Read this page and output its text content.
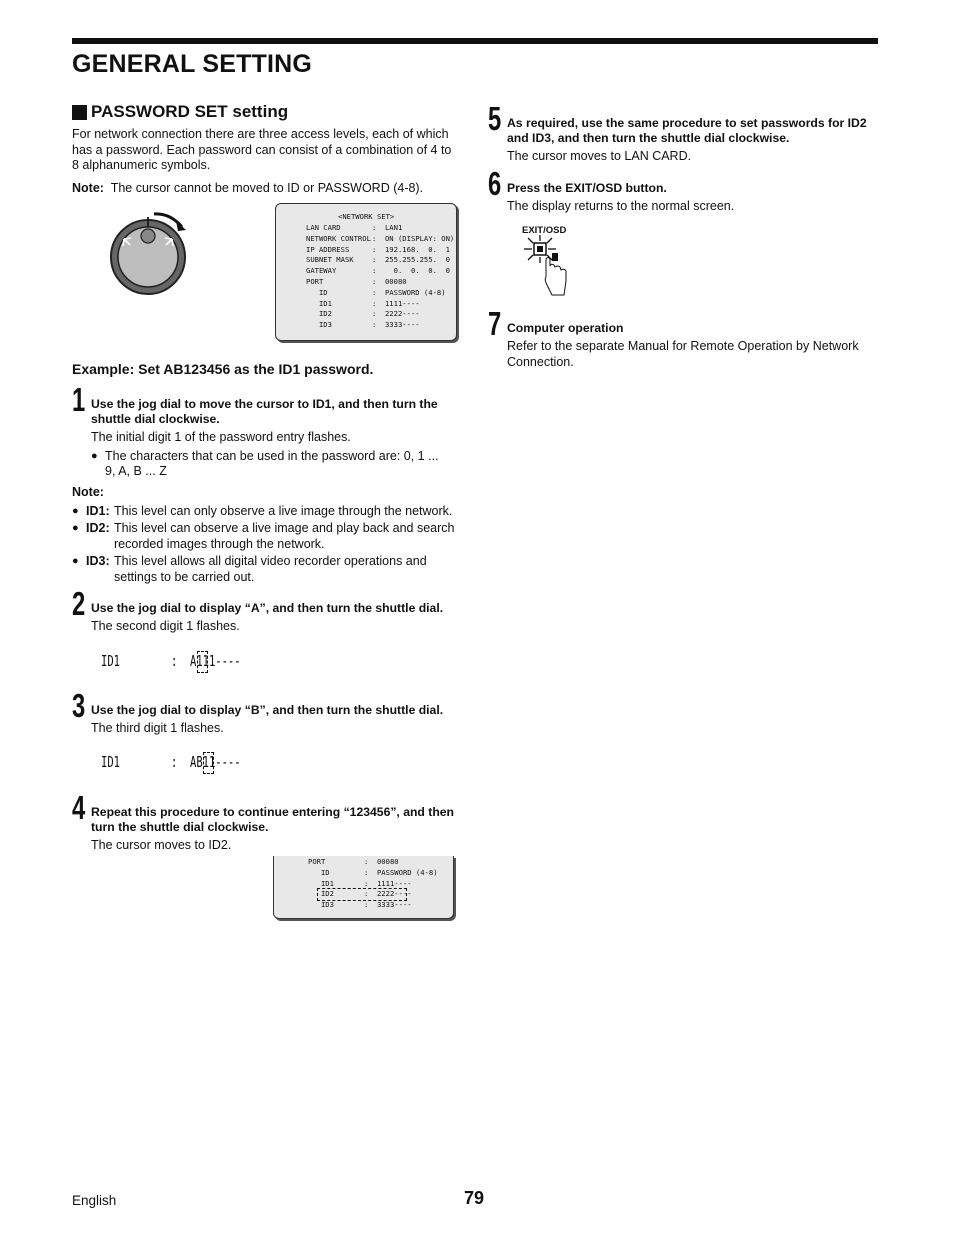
GENERAL SETTING
PASSWORD SET setting

For network connection there are three access levels, each of which has a password. Each password can consist of a combination of 4 to 8 alphanumeric symbols.

Note: The cursor cannot be moved to ID or PASSWORD (4-8).

<NETWORK SET>
LAN CARD	:  LAN1
NETWORK CONTROL:  ON (DISPLAY: ON)
IP ADDRESS	:  192.168.  0.  1
SUBNET MASK	:  255.255.255.  0
GATEWAY	:    0.  0.  0.  0
PORT	:  00080
ID	:  PASSWORD (4-8)
ID1	:  1111----
ID2	:  2222----
ID3	:  3333----
Example: Set AB123456 as the ID1 password.
1 Use the jog dial to move the cursor to ID1, and then turn the shuttle dial clockwise.

The initial digit 1 of the password entry flashes.

● The characters that can be used in the password are: 0, 1 ... 9, A, B ... Z

Note:

● ID1: This level can only observe a live image through the network.

● ID2: This level can observe a live image and play back and search recorded images through the network.

● ID3: This level allows all digital video recorder operations and settings to be carried out.

2 Use the jog dial to display “A”, and then turn the shuttle dial.

The second digit 1 flashes.

ID1	: A111----
3 Use the jog dial to display “B”, and then turn the shuttle dial.

The third digit 1 flashes.

ID1	: AB11----
4 Repeat this procedure to continue entering “123456”, and then turn the shuttle dial clockwise.

The cursor moves to ID2.

PORT	:  00080
ID	:  PASSWORD (4-8)
ID1	:  1111----
ID2	:  2222----
ID3	:  3333----
5 As required, use the same procedure to set passwords for ID2 and ID3, and then turn the shuttle dial clockwise.

The cursor moves to LAN CARD.

6 Press the EXIT/OSD button.

The display returns to the normal screen.

EXIT/OSD
7 Computer operation

Refer to the separate Manual for Remote Operation by Network Connection.

English	79
